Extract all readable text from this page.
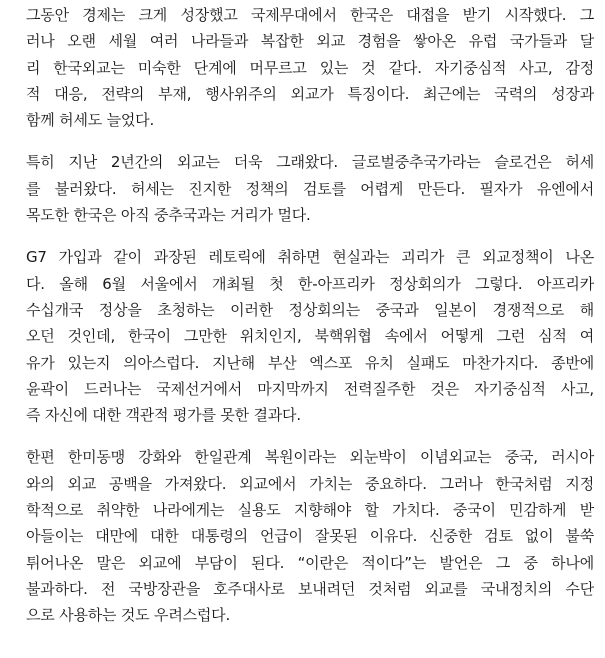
그동안 경제는 크게 성장했고 국제무대에서 한국은 대접을 받기 시작했다. 그
러나 오랜 세월 여러 나라들과 복잡한 외교 경험을 쌓아온 유럽 국가들과 달
리 한국외교는 미숙한 단계에 머무르고 있는 것 같다. 자기중심적 사고, 감정
적 대응, 전략의 부재, 행사위주의 외교가 특징이다. 최근에는 국력의 성장과
함께 허세도 늘었다.
특히 지난 2년간의 외교는 더욱 그래왔다. 글로벌중추국가라는 슬로건은 허세
를 불러왔다. 허세는 진지한 정책의 검토를 어렵게 만든다. 필자가 유엔에서
목도한 한국은 아직 중추국과는 거리가 멀다.
G7 가입과 같이 과장된 레토릭에 취하면 현실과는 괴리가 큰 외교정책이 나온
다. 올해 6월 서울에서 개최될 첫 한-아프리카 정상회의가 그렇다. 아프리카
수십개국 정상을 초청하는 이러한 정상회의는 중국과 일본이 경쟁적으로 해
오던 것인데, 한국이 그만한 위치인지, 북핵위협 속에서 어떻게 그런 심적 여
유가 있는지 의아스럽다. 지난해 부산 엑스포 유치 실패도 마찬가지다. 종반에
윤곽이 드러나는 국제선거에서 마지막까지 전력질주한 것은 자기중심적 사고,
즉 자신에 대한 객관적 평가를 못한 결과다.
한편 한미동맹 강화와 한일관계 복원이라는 외눈박이 이념외교는 중국, 러시아
와의 외교 공백을 가져왔다. 외교에서 가치는 중요하다. 그러나 한국처럼 지정
학적으로 취약한 나라에게는 실용도 지향해야 할 가치다. 중국이 민감하게 받
아들이는 대만에 대한 대통령의 언급이 잘못된 이유다. 신중한 검토 없이 불쑥
튀어나온 말은 외교에 부담이 된다. “이란은 적이다”는 발언은 그 중 하나에
불과하다. 전 국방장관을 호주대사로 보내려던 것처럼 외교를 국내정치의 수단
으로 사용하는 것도 우려스럽다.
